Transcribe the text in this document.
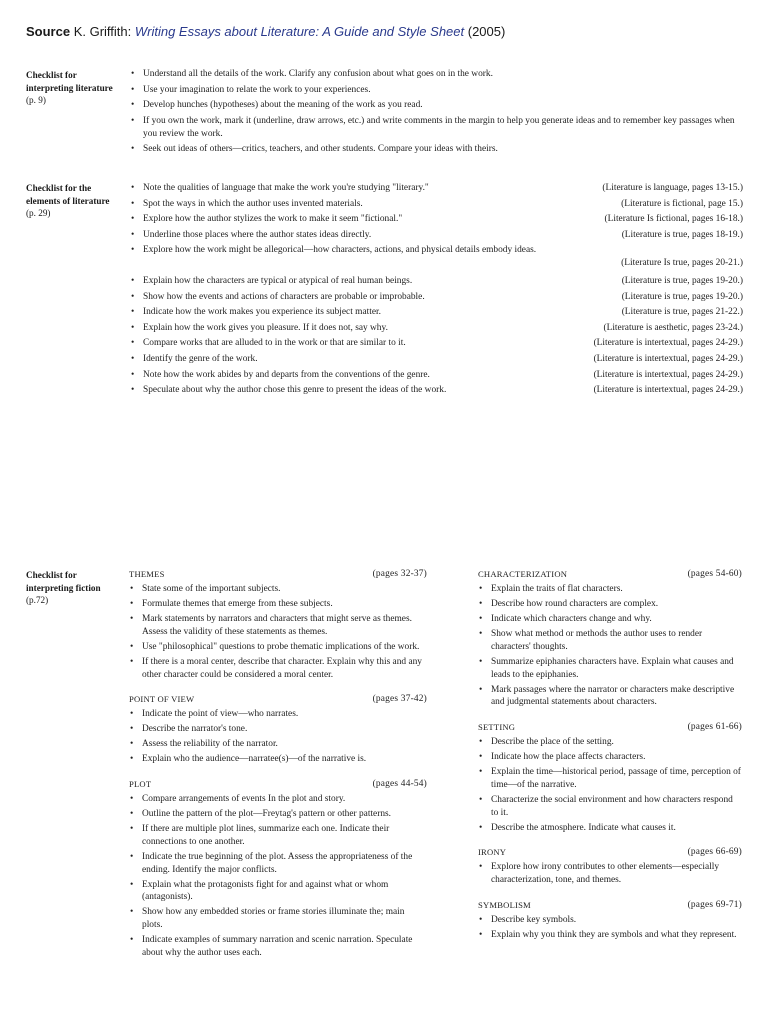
Source K. Griffith: Writing Essays about Literature: A Guide and Style Sheet (2005)
Checklist for interpreting literature
(p. 9)
• Understand all the details of the work. Clarify any confusion about what goes on in the work.
• Use your imagination to relate the work to your experiences.
• Develop hunches (hypotheses) about the meaning of the work as you read.
• If you own the work, mark it (underline, draw arrows, etc.) and write comments in the margin to help you generate ideas and to remember key passages when you review the work.
• Seek out ideas of others—critics, teachers, and other students. Compare your ideas with theirs.
Checklist for the elements of literature
(p. 29)
• Note the qualities of language that make the work you're studying "literary."	(Literature is language, pages 13-15.)
• Spot the ways in which the author uses invented materials.	(Literature is fictional, page 15.)
• Explore how the author stylizes the work to make it seem "fictional."	(Literature Is fictional, pages 16-18.)
• Underline those places where the author states ideas directly.	(Literature is true, pages 18-19.)
• Explore how the work might be allegorical—how characters, actions, and physical details embody ideas.
(Literature Is true, pages 20-21.)
• Explain how the characters are typical or atypical of real human beings.	(Literature is true, pages 19-20.)
• Show how the events and actions of characters are probable or improbable.	(Literature is true, pages 19-20.)
• Indicate how the work makes you experience its subject matter.	(Literature is true, pages 21-22.)
• Explain how the work gives you pleasure. If it does not, say why.	(Literature is aesthetic, pages 23-24.)
• Compare works that are alluded to in the work or that are similar to it.	(Literature is intertextual, pages 24-29.)
• Identify the genre of the work.	(Literature is intertextual, pages 24-29.)
• Note how the work abides by and departs from the conventions of the genre.	(Literature is intertextual, pages 24-29.)
• Speculate about why the author chose this genre to present the ideas of the work.	(Literature is intertextual, pages 24-29.)
Checklist for interpreting fiction
(p.72)
THEMES	(pages 32-37)
• State some of the important subjects.
• Formulate themes that emerge from these subjects.
• Mark statements by narrators and characters that might serve as themes. Assess the validity of these statements as themes.
• Use "philosophical" questions to probe thematic implications of the work.
• If there is a moral center, describe that character. Explain why this and any other character could be considered a moral center.
POINT OF VIEW	(pages 37-42)
• Indicate the point of view—who narrates.
• Describe the narrator's tone.
• Assess the reliability of the narrator.
• Explain who the audience—narratee(s)—of the narrative is.
PLOT	(pages 44-54)
• Compare arrangements of events In the plot and story.
• Outline the pattern of the plot—Freytag's pattern or other patterns.
• If there are multiple plot lines, summarize each one. Indicate their connections to one another.
• Indicate the true beginning of the plot. Assess the appropriateness of the ending. Identify the major conflicts.
• Explain what the protagonists fight for and against what or whom (antagonists).
• Show how any embedded stories or frame stories illuminate the; main plots.
• Indicate examples of summary narration and scenic narration. Speculate about why the author uses each.
CHARACTERIZATION	(pages 54-60)
• Explain the traits of flat characters.
• Describe how round characters are complex.
• Indicate which characters change and why.
• Show what method or methods the author uses to render characters' thoughts.
• Summarize epiphanies characters have. Explain what causes and leads to the epiphanies.
• Mark passages where the narrator or characters make descriptive and judgmental statements about characters.
SETTING	(pages 61-66)
• Describe the place of the setting.
• Indicate how the place affects characters.
• Explain the time—historical period, passage of time, perception of time—of the narrative.
• Characterize the social environment and how characters respond to it.
• Describe the atmosphere. Indicate what causes it.
IRONY	(pages 66-69)
• Explore how irony contributes to other elements—especially characterization, tone, and themes.
SYMBOLISM	(pages 69-71)
• Describe key symbols.
• Explain why you think they are symbols and what they represent.
